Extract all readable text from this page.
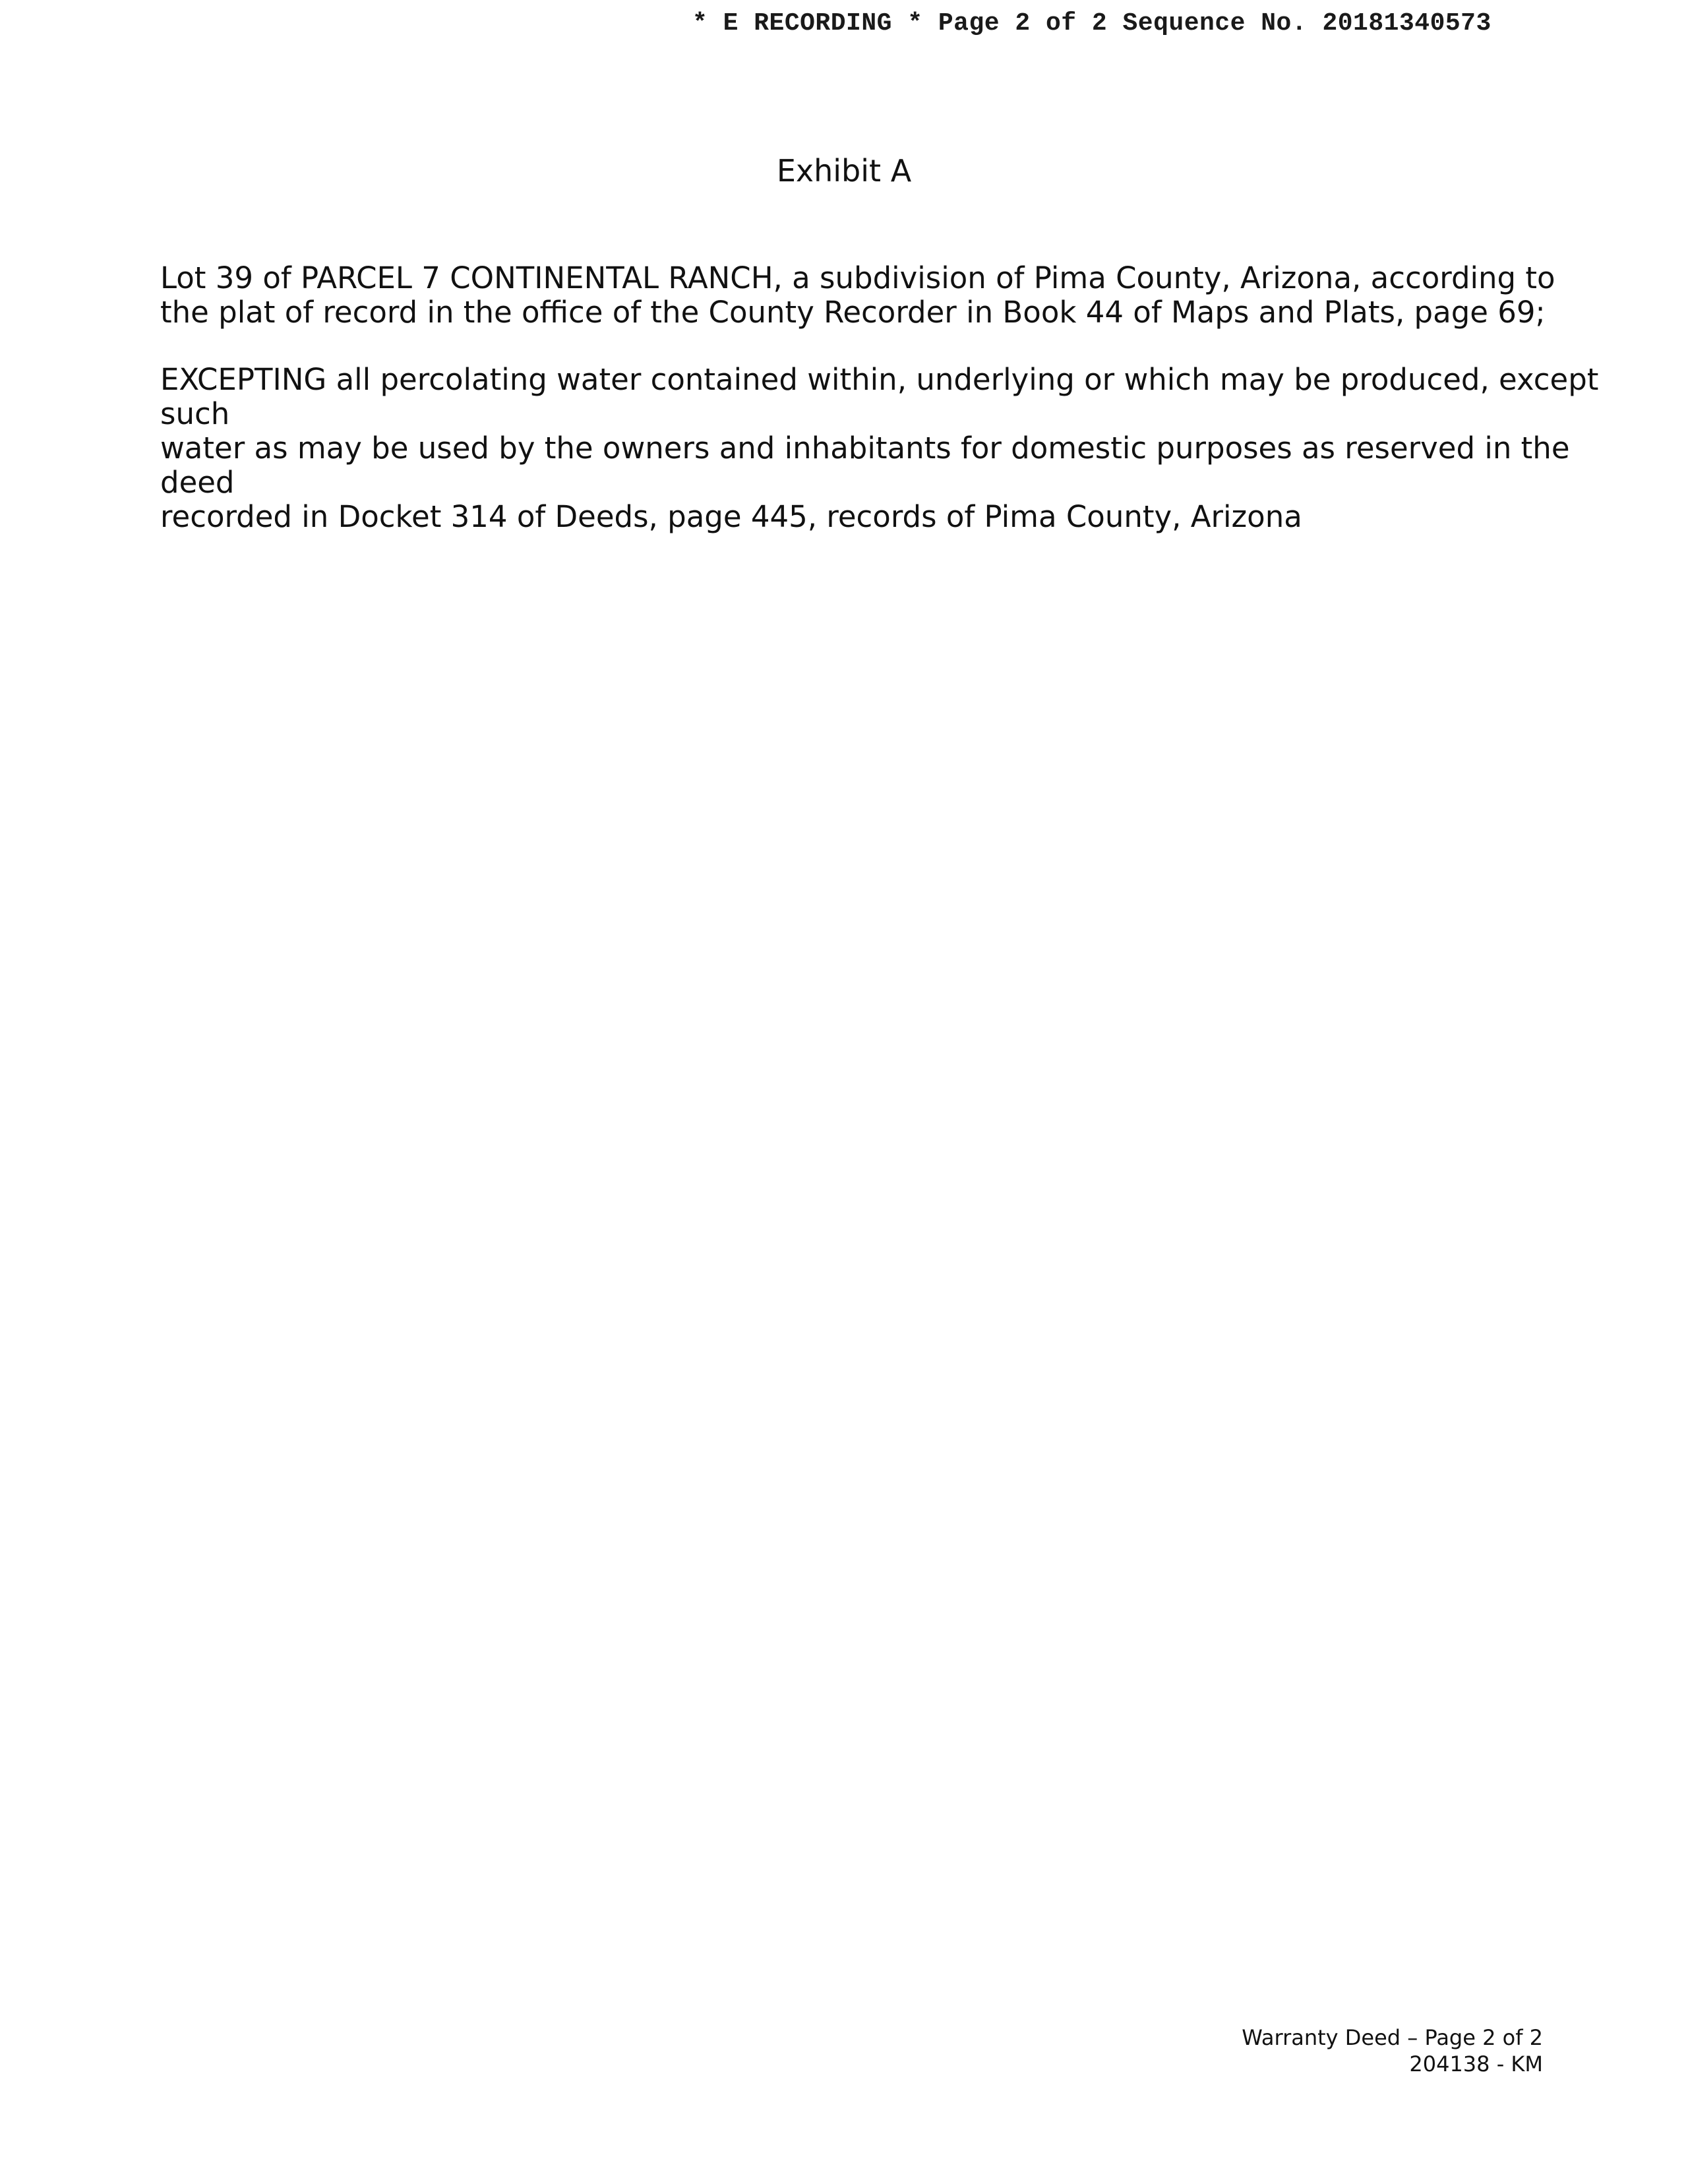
* E RECORDING * Page 2 of 2 Sequence No. 20181340573
Exhibit A

Lot 39 of PARCEL 7 CONTINENTAL RANCH, a subdivision of Pima County, Arizona, according to
the plat of record in the office of the County Recorder in Book 44 of Maps and Plats, page 69;

EXCEPTING all percolating water contained within, underlying or which may be produced, except such
water as may be used by the owners and inhabitants for domestic purposes as reserved in the deed
recorded in Docket 314 of Deeds, page 445, records of Pima County, Arizona

Warranty Deed – Page 2 of 2
204138 - KM
